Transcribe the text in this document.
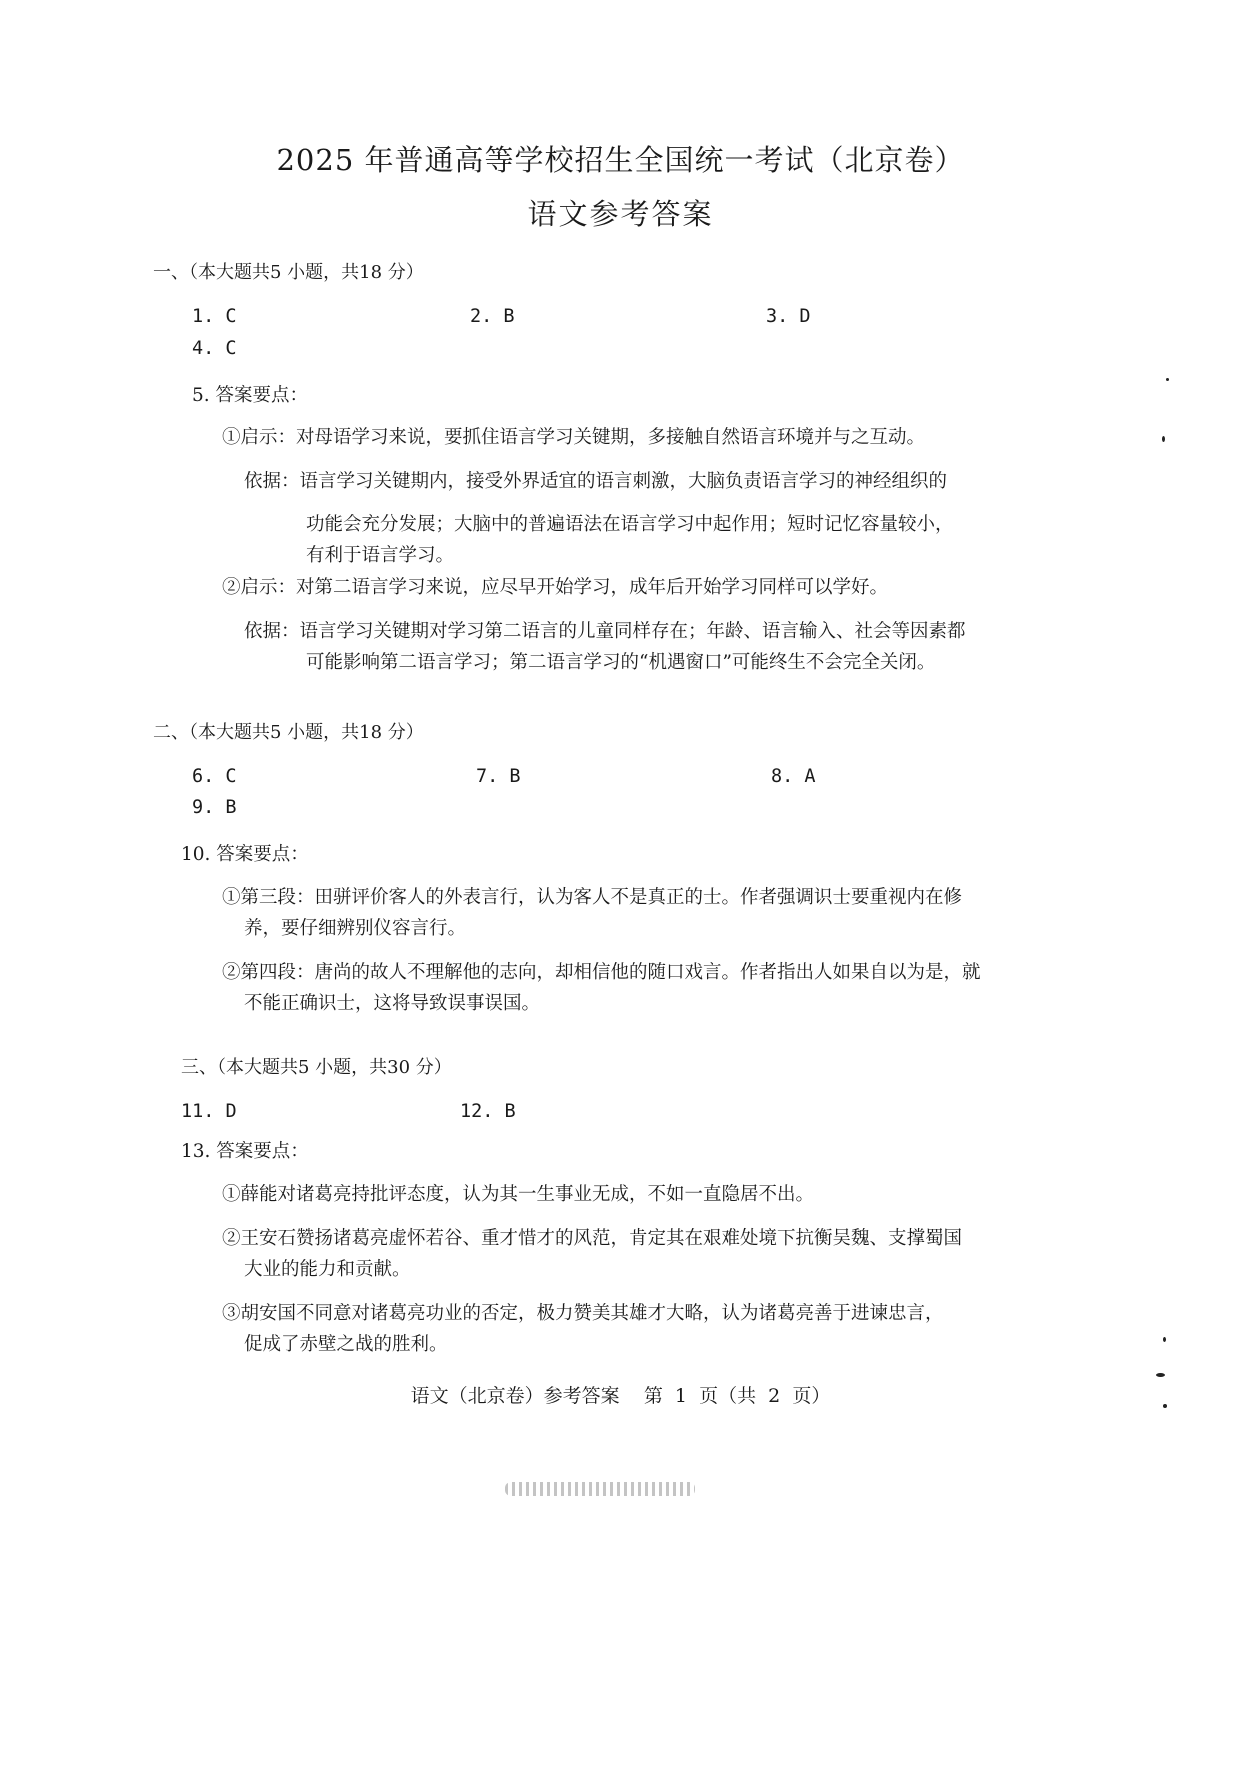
2025 年普通高等学校招生全国统一考试（北京卷）
语文参考答案
一、（本大题共5 小题，共18 分）
1. C	2. B	3. D
4. C
5. 答案要点：
①启示：对母语学习来说，要抓住语言学习关键期，多接触自然语言环境并与之互动。
依据：语言学习关键期内，接受外界适宜的语言刺激，大脑负责语言学习的神经组织的
功能会充分发展；大脑中的普遍语法在语言学习中起作用；短时记忆容量较小，
有利于语言学习。
②启示：对第二语言学习来说，应尽早开始学习，成年后开始学习同样可以学好。
依据：语言学习关键期对学习第二语言的儿童同样存在；年龄、语言输入、社会等因素都
可能影响第二语言学习；第二语言学习的“机遇窗口”可能终生不会完全关闭。
二、（本大题共5 小题，共18 分）
6. C	7. B	8. A
9. B
10. 答案要点：
①第三段：田骈评价客人的外表言行，认为客人不是真正的士。作者强调识士要重视内在修
养，要仔细辨别仪容言行。
②第四段：唐尚的故人不理解他的志向，却相信他的随口戏言。作者指出人如果自以为是，就
不能正确识士，这将导致误事误国。
三、（本大题共5 小题，共30 分）
11. D	12. B
13. 答案要点：
①薛能对诸葛亮持批评态度，认为其一生事业无成，不如一直隐居不出。
②王安石赞扬诸葛亮虚怀若谷、重才惜才的风范，肯定其在艰难处境下抗衡吴魏、支撑蜀国
大业的能力和贡献。
③胡安国不同意对诸葛亮功业的否定，极力赞美其雄才大略，认为诸葛亮善于进谏忠言，
促成了赤壁之战的胜利。
语文（北京卷）参考答案    第  1  页（共  2  页）
